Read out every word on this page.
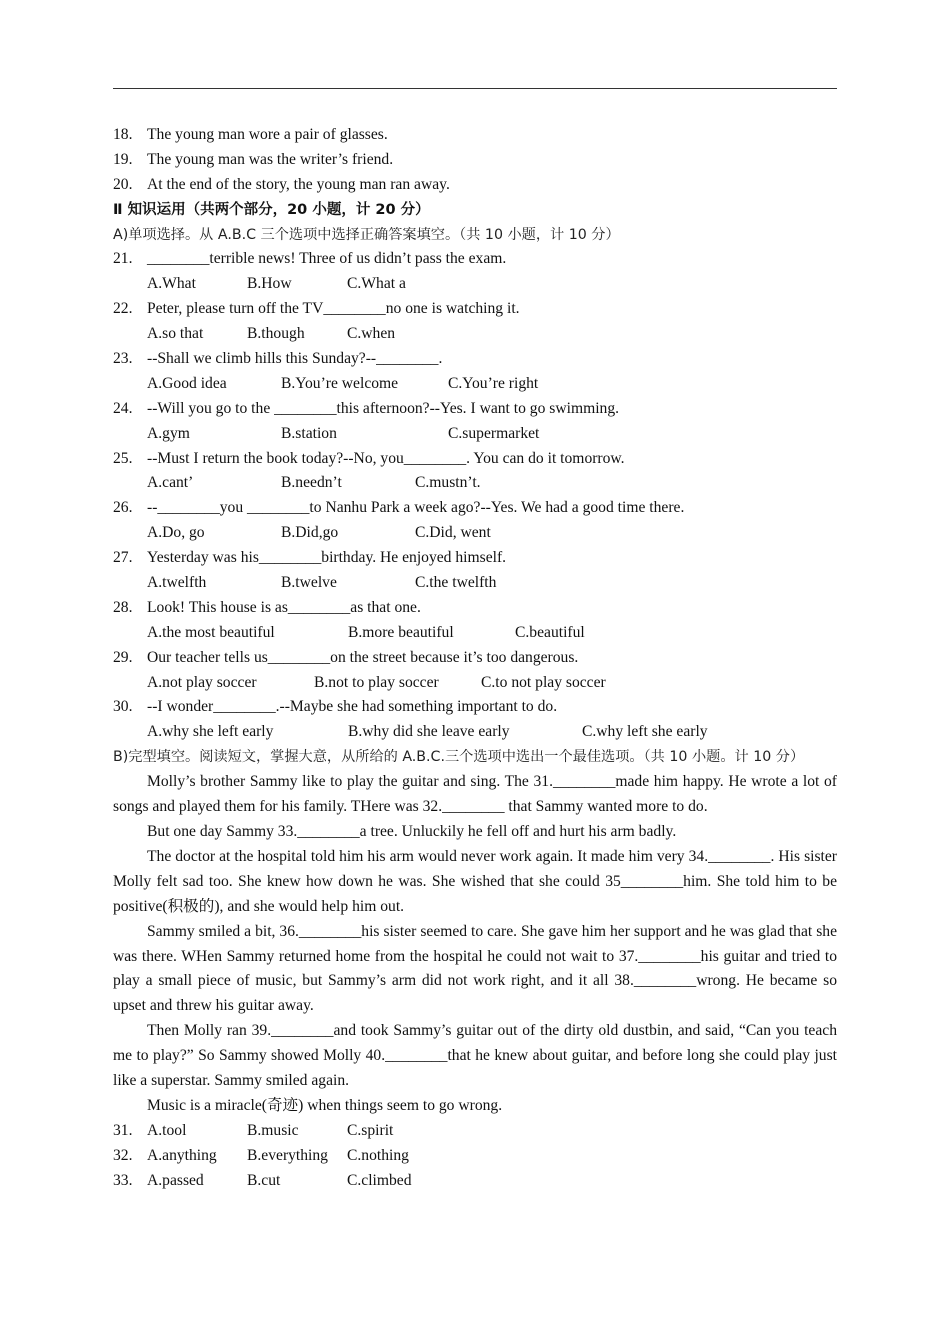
18. The young man wore a pair of glasses.
19. The young man was the writer’s friend.
20. At the end of the story, the young man ran away.
Ⅱ 知识运用（共两个部分，20 小题，计 20 分）
A)单项选择。从 A.B.C 三个选项中选择正确答案填空。（共 10 小题，计 10 分）
21. ________terrible news! Three of us didn’t pass the exam.
A.What	B.How	C.What a
22. Peter, please turn off the TV________no one is watching it.
A.so that	B.though	C.when
23. --Shall we climb hills this Sunday?--________.
A.Good idea	B.You’re welcome	C.You’re right
24. --Will you go to the ________this afternoon?--Yes. I want to go swimming.
A.gym	B.station	C.supermarket
25. --Must I return the book today?--No, you________. You can do it tomorrow.
A.cant’	B.needn’t	C.mustn’t.
26. --________you ________to Nanhu Park a week ago?--Yes. We had a good time there.
A.Do, go	B.Did,go	C.Did, went
27. Yesterday was his________birthday. He enjoyed himself.
A.twelfth	B.twelve	C.the twelfth
28. Look! This house is as________as that one.
A.the most beautiful	B.more beautiful	C.beautiful
29. Our teacher tells us________on the street because it’s too dangerous.
A.not play soccer	B.not to play soccer	C.to not play soccer
30. --I wonder________.--Maybe she had something important to do.
A.why she left early	B.why did she leave early	C.why left she early
B)完型填空。阅读短文，掌握大意，从所给的 A.B.C.三个选项中选出一个最佳选项。（共 10 小题。计 10 分）
Molly’s brother Sammy like to play the guitar and sing. The 31.________made him happy. He wrote a lot of songs and played them for his family. THere was 32.________ that Sammy wanted more to do.
But one day Sammy 33.________a tree. Unluckily he fell off and hurt his arm badly.
The doctor at the hospital told him his arm would never work again. It made him very 34.________. His sister Molly felt sad too. She knew how down he was. She wished that she could 35________him. She told him to be positive(积极的), and she would help him out.
Sammy smiled a bit, 36.________his sister seemed to care. She gave him her support and he was glad that she was there. WHen Sammy returned home from the hospital he could not wait to 37.________his guitar and tried to play a small piece of music, but Sammy’s arm did not work right, and it all 38.________wrong. He became so upset and threw his guitar away.
Then Molly ran 39.________and took Sammy’s guitar out of the dirty old dustbin, and said, “Can you teach me to play?” So Sammy showed Molly 40.________that he knew about guitar, and before long she could play just like a superstar. Sammy smiled again.
Music is a miracle(奇迹) when things seem to go wrong.
31. A.tool	B.music	C.spirit
32. A.anything B.everything C.nothing
33. A.passed	B.cut	C.climbed
